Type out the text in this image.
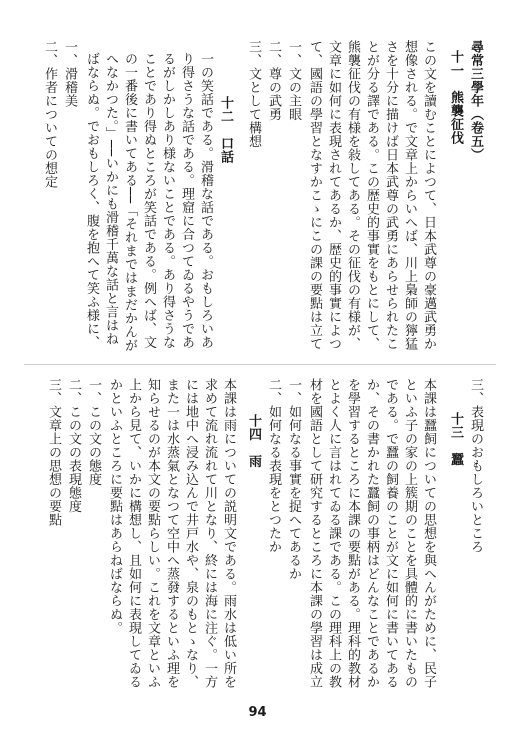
尋常三學年（卷五）
十一　熊襲征伐
この文を讀むことによつて、日本武尊の豪邁武勇か想像される。で文章上からいへば、川上梟師の獰猛さを十分に描けば日本武尊の武勇にあらせられたことが分る譯である。この歴史的事實をもとにして、熊襲征伐の有様を敍してある。その征伐の有様が、文章に如何に表現されてあるか、歴史的事實によつて、國語の學習となすかこゝにこの課の要點は立て
一、文の主眼
二、尊の武勇
三、文として構想
十二　口話
一の笑話である。滑稽な話である。おもしろいあり得さうな話である。理窟に合つてゐるやうであるがしかしあり様ないことである。あり得さうなことであり得ぬところが笑話である。例へば、文の一番後に書いてある──「それまではまだかんがへなかつた。」──いかにも滑稽千萬な話と言はねばならぬ。でおもしろく、腹を抱へて笑ふ様に、
一、滑稽美
二、作者についての想定
三、表現のおもしろいところ
十三　蠶
本課は蠶飼についての思想を與へんがために、民子といふ子の家の上簇期のことを具體的に書いたものである。で蠶の飼養のことが文に如何に書いてあるか、その書かれた蠶飼の事柄はどんなことであるかを學習するところに本課の要點がある。理科的教材とよく人に言はれてゐる課である。この理科上の教材を國語として研究するところに本課の學習は成立
一、如何なる事實を捉へてあるか
二、如何なる表現をとつたか
十四　雨
本課は雨についての説明文である。雨水は低い所を求めて流れ流れて川となり、終には海に注ぐ。一方には地中へ浸み込んで井戸水や、泉のもとゝなり、また一は水蒸氣となつて空中へ蒸發するといふ理を知らせるのが本文の要點らしい。これを文章といふ上から見て、いかに構想し、且如何に表現してゐるかといふところに要點はあらねばならぬ。
一、この文の態度
二、この文の表現態度
三、文章上の思想の要點
94
